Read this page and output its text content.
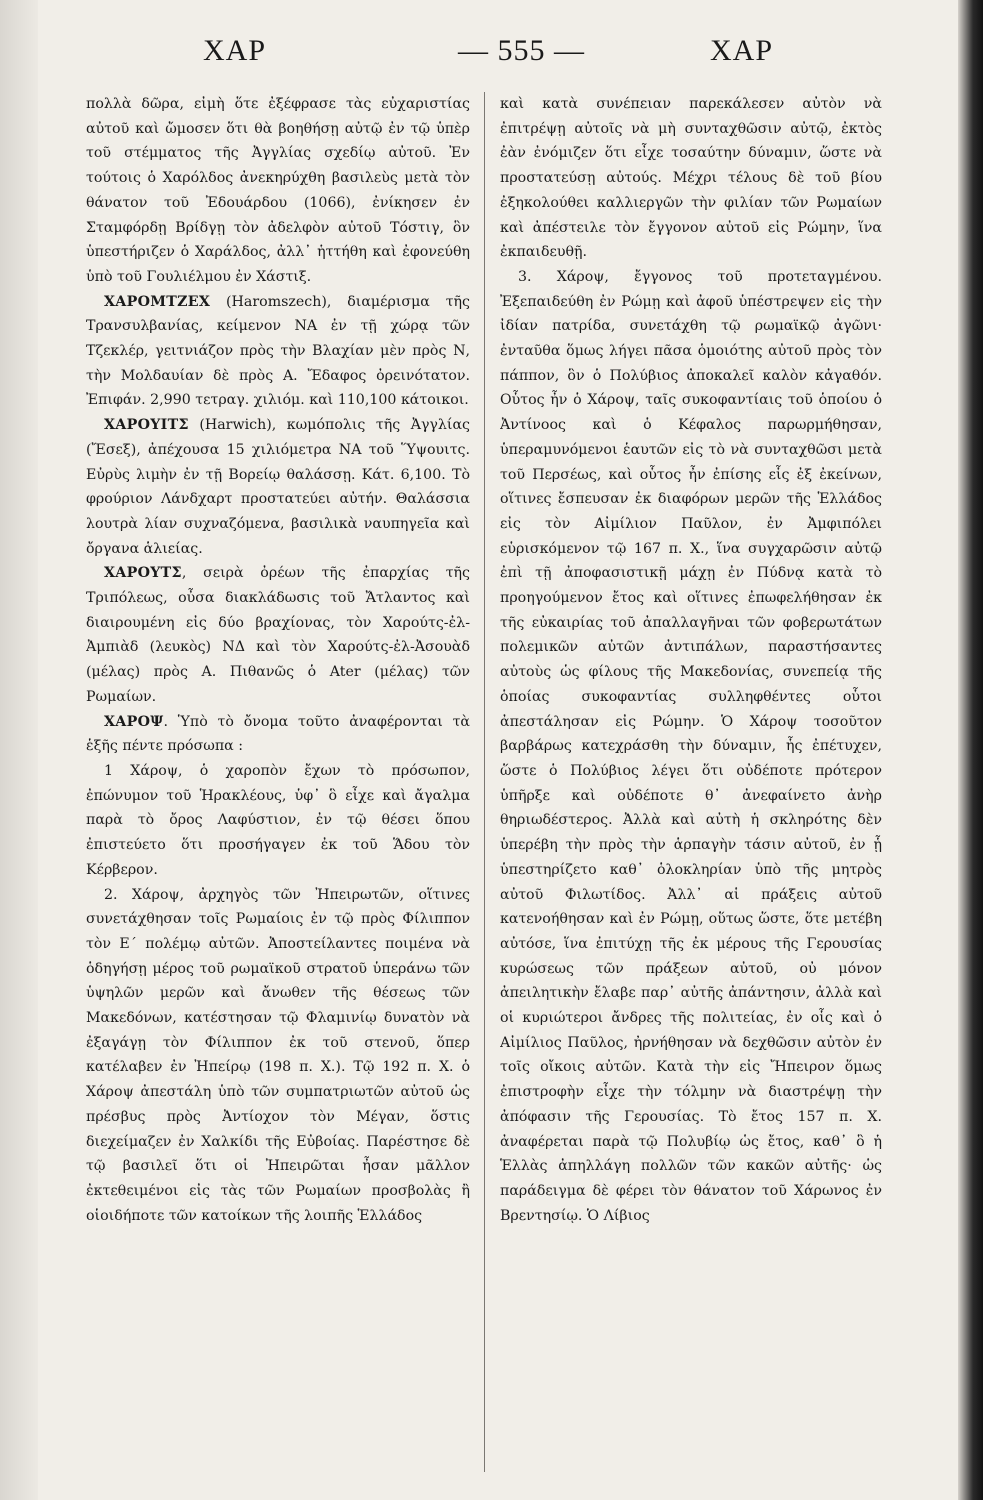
ΧΑΡ	— 555 —	ΧΑΡ

πολλὰ δῶρα, εἰμὴ ὅτε ἐξέφρασε τὰς εὐχαριστίας αὐτοῦ καὶ ὤμοσεν ὅτι θὰ βοηθήσῃ αὐτῷ ἐν τῷ ὑπὲρ τοῦ στέμματος τῆς Ἀγγλίας σχεδίῳ αὐτοῦ. Ἐν τούτοις ὁ Χαρόλδος ἀνεκηρύχθη βασιλεὺς μετὰ τὸν θάνατον τοῦ Ἐδουάρδου (1066), ἐνίκησεν ἐν Σταμφόρδῃ Βρίδγῃ τὸν ἀδελφὸν αὐτοῦ Τόστιγ, ὃν ὑπεστήριζεν ὁ Χαράλδος, ἀλλ᾽ ἡττήθη καὶ ἐφονεύθη ὑπὸ τοῦ Γουλιέλμου ἐν Χάστιξ.

ΧΑΡΟΜΤΖΕΧ (Haromszech), διαμέρισμα τῆς Τρανσυλβανίας, κείμενον ΝΑ ἐν τῇ χώρᾳ τῶν Τζεκλέρ, γειτνιάζον πρὸς τὴν Βλαχίαν μὲν πρὸς Ν, τὴν Μολδαυίαν δὲ πρὸς Α. Ἔδαφος ὀρεινότατον. Ἐπιφάν. 2,990 τετραγ. χιλιόμ. καὶ 110,100 κάτοικοι.

ΧΑΡΟΥΙΤΣ (Harwich), κωμόπολις τῆς Ἀγγλίας (Ἔσεξ), ἀπέχουσα 15 χιλιόμετρα ΝΑ τοῦ Ὕψουιτς. Εὐρὺς λιμὴν ἐν τῇ Βορείῳ θαλάσσῃ. Κάτ. 6,100. Τὸ φρούριον Λάνδχαρτ προστατεύει αὐτήν. Θαλάσσια λουτρὰ λίαν συχναζόμενα, βασιλικὰ ναυπηγεῖα καὶ ὄργανα ἁλιείας.

ΧΑΡΟΥΤΣ, σειρὰ ὀρέων τῆς ἐπαρχίας τῆς Τριπόλεως, οὖσα διακλάδωσις τοῦ Ἄτλαντος καὶ διαιρουμένη εἰς δύο βραχίονας, τὸν Χαρούτς-ἐλ-Ἀμπιὰδ (λευκὸς) ΝΔ καὶ τὸν Χαρούτς-ἐλ-Ἀσουὰδ (μέλας) πρὸς Α. Πιθανῶς ὁ Ater (μέλας) τῶν Ρωμαίων.

ΧΑΡΟΨ. Ὑπὸ τὸ ὄνομα τοῦτο ἀναφέρονται τὰ ἑξῆς πέντε πρόσωπα :

1 Χάροψ, ὁ χαροπὸν ἔχων τὸ πρόσωπον, ἐπώνυμον τοῦ Ἡρακλέους, ὑφ᾽ ὃ εἶχε καὶ ἄγαλμα παρὰ τὸ ὄρος Λαφύστιον, ἐν τῷ θέσει ὅπου ἐπιστεύετο ὅτι προσήγαγεν ἐκ τοῦ Ἅδου τὸν Κέρβερον.

2. Χάροψ, ἀρχηγὸς τῶν Ἠπειρωτῶν, οἵτινες συνετάχθησαν τοῖς Ρωμαίοις ἐν τῷ πρὸς Φίλιππον τὸν Ε΄ πολέμῳ αὐτῶν. Ἀποστείλαντες ποιμένα νὰ ὁδηγήσῃ μέρος τοῦ ρωμαϊκοῦ στρατοῦ ὑπεράνω τῶν ὑψηλῶν μερῶν καὶ ἄνωθεν τῆς θέσεως τῶν Μακεδόνων, κατέστησαν τῷ Φλαμινίῳ δυνατὸν νὰ ἐξαγάγῃ τὸν Φίλιππον ἐκ τοῦ στενοῦ, ὅπερ κατέλαβεν ἐν Ἠπείρῳ (198 π. Χ.). Τῷ 192 π. Χ. ὁ Χάροψ ἀπεστάλη ὑπὸ τῶν συμπατριωτῶν αὐτοῦ ὡς πρέσβυς πρὸς Ἀντίοχον τὸν Μέγαν, ὅστις διεχείμαζεν ἐν Χαλκίδι τῆς Εὐβοίας. Παρέστησε δὲ τῷ βασιλεῖ ὅτι οἱ Ἠπειρῶται ἦσαν μᾶλλον ἐκτεθειμένοι εἰς τὰς τῶν Ρωμαίων προσβολὰς ἢ οἱοιδήποτε τῶν κατοίκων τῆς λοιπῆς Ἑλλάδος

καὶ κατὰ συνέπειαν παρεκάλεσεν αὐτὸν νὰ ἐπιτρέψῃ αὐτοῖς νὰ μὴ συνταχθῶσιν αὐτῷ, ἐκτὸς ἐὰν ἐνόμιζεν ὅτι εἶχε τοσαύτην δύναμιν, ὥστε νὰ προστατεύσῃ αὐτούς. Μέχρι τέλους δὲ τοῦ βίου ἐξηκολούθει καλλιεργῶν τὴν φιλίαν τῶν Ρωμαίων καὶ ἀπέστειλε τὸν ἔγγονον αὐτοῦ εἰς Ρώμην, ἵνα ἐκπαιδευθῇ.

3. Χάροψ, ἔγγονος τοῦ προτεταγμένου. Ἐξεπαιδεύθη ἐν Ρώμῃ καὶ ἀφοῦ ὑπέστρεψεν εἰς τὴν ἰδίαν πατρίδα, συνετάχθη τῷ ρωμαϊκῷ ἀγῶνι· ἐνταῦθα ὅμως λήγει πᾶσα ὁμοιότης αὐτοῦ πρὸς τὸν πάππον, ὃν ὁ Πολύβιος ἀποκαλεῖ καλὸν κἀγαθόν. Οὗτος ἦν ὁ Χάροψ, ταῖς συκοφαντίαις τοῦ ὁποίου ὁ Ἀντίνοος καὶ ὁ Κέφαλος παρωρμήθησαν, ὑπεραμυνόμενοι ἑαυτῶν εἰς τὸ νὰ συνταχθῶσι μετὰ τοῦ Περσέως, καὶ οὗτος ἦν ἐπίσης εἷς ἐξ ἐκείνων, οἵτινες ἔσπευσαν ἐκ διαφόρων μερῶν τῆς Ἑλλάδος εἰς τὸν Αἰμίλιον Παῦλον, ἐν Ἀμφιπόλει εὑρισκόμενον τῷ 167 π. Χ., ἵνα συγχαρῶσιν αὐτῷ ἐπὶ τῇ ἀποφασιστικῇ μάχῃ ἐν Πύδνᾳ κατὰ τὸ προηγούμενον ἔτος καὶ οἵτινες ἐπωφελήθησαν ἐκ τῆς εὐκαιρίας τοῦ ἀπαλλαγῆναι τῶν φοβερωτάτων πολεμικῶν αὐτῶν ἀντιπάλων, παραστήσαντες αὐτοὺς ὡς φίλους τῆς Μακεδονίας, συνεπείᾳ τῆς ὁποίας συκοφαντίας συλληφθέντες οὗτοι ἀπεστάλησαν εἰς Ρώμην. Ὁ Χάροψ τοσοῦτον βαρβάρως κατεχράσθη τὴν δύναμιν, ἧς ἐπέτυχεν, ὥστε ὁ Πολύβιος λέγει ὅτι οὐδέποτε πρότερον ὑπῆρξε καὶ οὐδέποτε θ᾽ ἀνεφαίνετο ἀνὴρ θηριωδέστερος. Ἀλλὰ καὶ αὐτὴ ἡ σκληρότης δὲν ὑπερέβη τὴν πρὸς τὴν ἁρπαγὴν τάσιν αὐτοῦ, ἐν ᾗ ὑπεστηρίζετο καθ᾽ ὁλοκληρίαν ὑπὸ τῆς μητρὸς αὐτοῦ Φιλωτίδος. Ἀλλ᾽ αἱ πράξεις αὐτοῦ κατενοήθησαν καὶ ἐν Ρώμῃ, οὕτως ὥστε, ὅτε μετέβη αὐτόσε, ἵνα ἐπιτύχῃ τῆς ἐκ μέρους τῆς Γερουσίας κυρώσεως τῶν πράξεων αὐτοῦ, οὐ μόνον ἀπειλητικὴν ἔλαβε παρ᾽ αὐτῆς ἀπάντησιν, ἀλλὰ καὶ οἱ κυριώτεροι ἄνδρες τῆς πολιτείας, ἐν οἷς καὶ ὁ Αἰμίλιος Παῦλος, ἠρνήθησαν νὰ δεχθῶσιν αὐτὸν ἐν τοῖς οἴκοις αὐτῶν. Κατὰ τὴν εἰς Ἤπειρον ὅμως ἐπιστροφὴν εἶχε τὴν τόλμην νὰ διαστρέψῃ τὴν ἀπόφασιν τῆς Γερουσίας. Τὸ ἔτος 157 π. Χ. ἀναφέρεται παρὰ τῷ Πολυβίῳ ὡς ἔτος, καθ᾽ ὃ ἡ Ἑλλὰς ἀπηλλάγη πολλῶν τῶν κακῶν αὐτῆς· ὡς παράδειγμα δὲ φέρει τὸν θάνατον τοῦ Χάρωνος ἐν Βρεντησίῳ. Ὁ Λίβιος
